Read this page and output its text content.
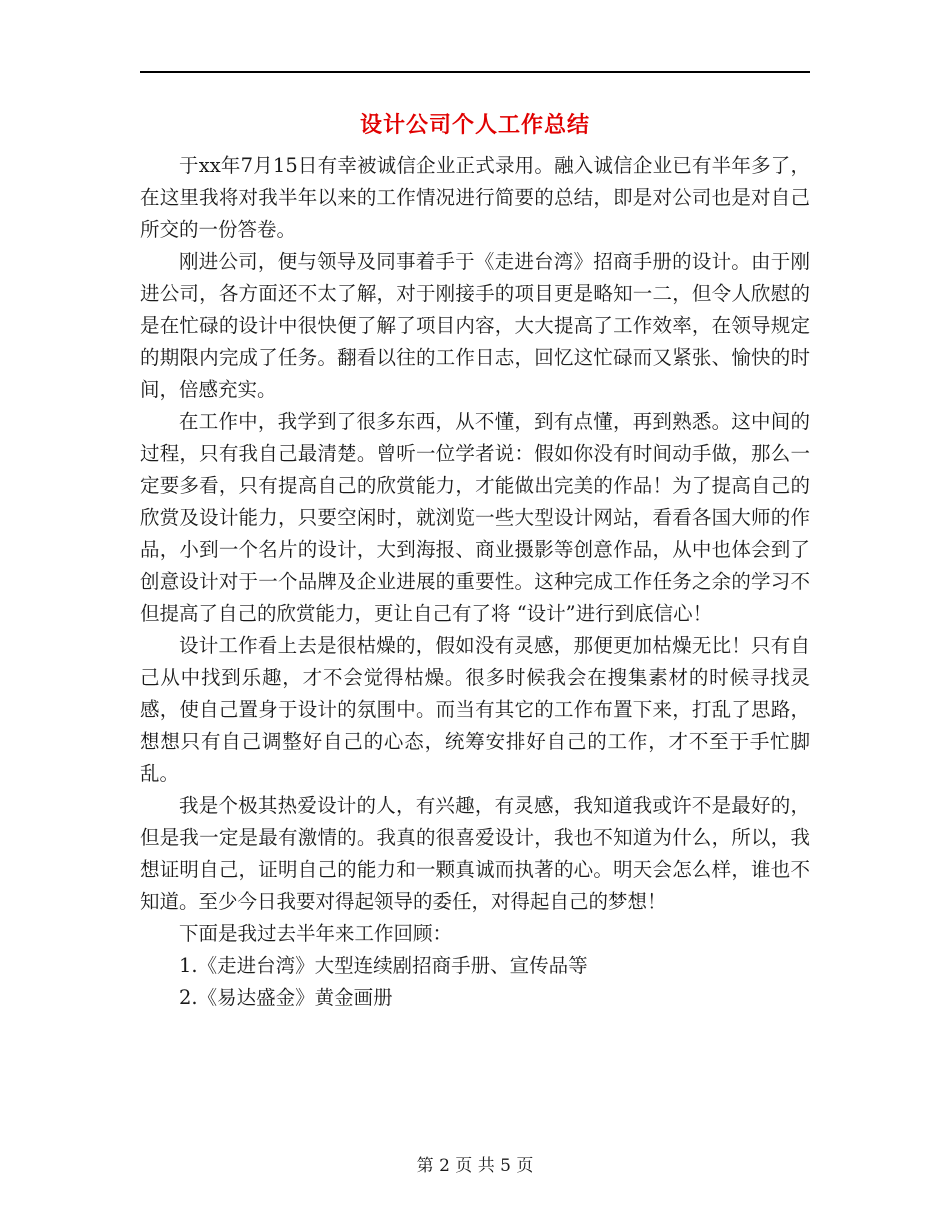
设计公司个人工作总结

于xx年7月15日有幸被诚信企业正式录用。融入诚信企业已有半年多了，在这里我将对我半年以来的工作情况进行简要的总结，即是对公司也是对自己所交的一份答卷。

刚进公司，便与领导及同事着手于《走进台湾》招商手册的设计。由于刚进公司，各方面还不太了解，对于刚接手的项目更是略知一二，但令人欣慰的是在忙碌的设计中很快便了解了项目内容，大大提高了工作效率，在领导规定的期限内完成了任务。翻看以往的工作日志，回忆这忙碌而又紧张、愉快的时间，倍感充实。

在工作中，我学到了很多东西，从不懂，到有点懂，再到熟悉。这中间的过程，只有我自己最清楚。曾听一位学者说：假如你没有时间动手做，那么一定要多看，只有提高自己的欣赏能力，才能做出完美的作品！为了提高自己的欣赏及设计能力，只要空闲时，就浏览一些大型设计网站，看看各国大师的作品，小到一个名片的设计，大到海报、商业摄影等创意作品，从中也体会到了创意设计对于一个品牌及企业进展的重要性。这种完成工作任务之余的学习不但提高了自己的欣赏能力，更让自己有了将 “设计”进行到底信心！

设计工作看上去是很枯燥的，假如没有灵感，那便更加枯燥无比！只有自己从中找到乐趣，才不会觉得枯燥。很多时候我会在搜集素材的时候寻找灵感，使自己置身于设计的氛围中。而当有其它的工作布置下来，打乱了思路，想想只有自己调整好自己的心态，统筹安排好自己的工作，才不至于手忙脚乱。

我是个极其热爱设计的人，有兴趣，有灵感，我知道我或许不是最好的，但是我一定是最有激情的。我真的很喜爱设计，我也不知道为什么，所以，我想证明自己，证明自己的能力和一颗真诚而执著的心。明天会怎么样，谁也不知道。至少今日我要对得起领导的委任，对得起自己的梦想！

下面是我过去半年来工作回顾：

1.《走进台湾》大型连续剧招商手册、宣传品等

2.《易达盛金》黄金画册

第 2 页 共 5 页
